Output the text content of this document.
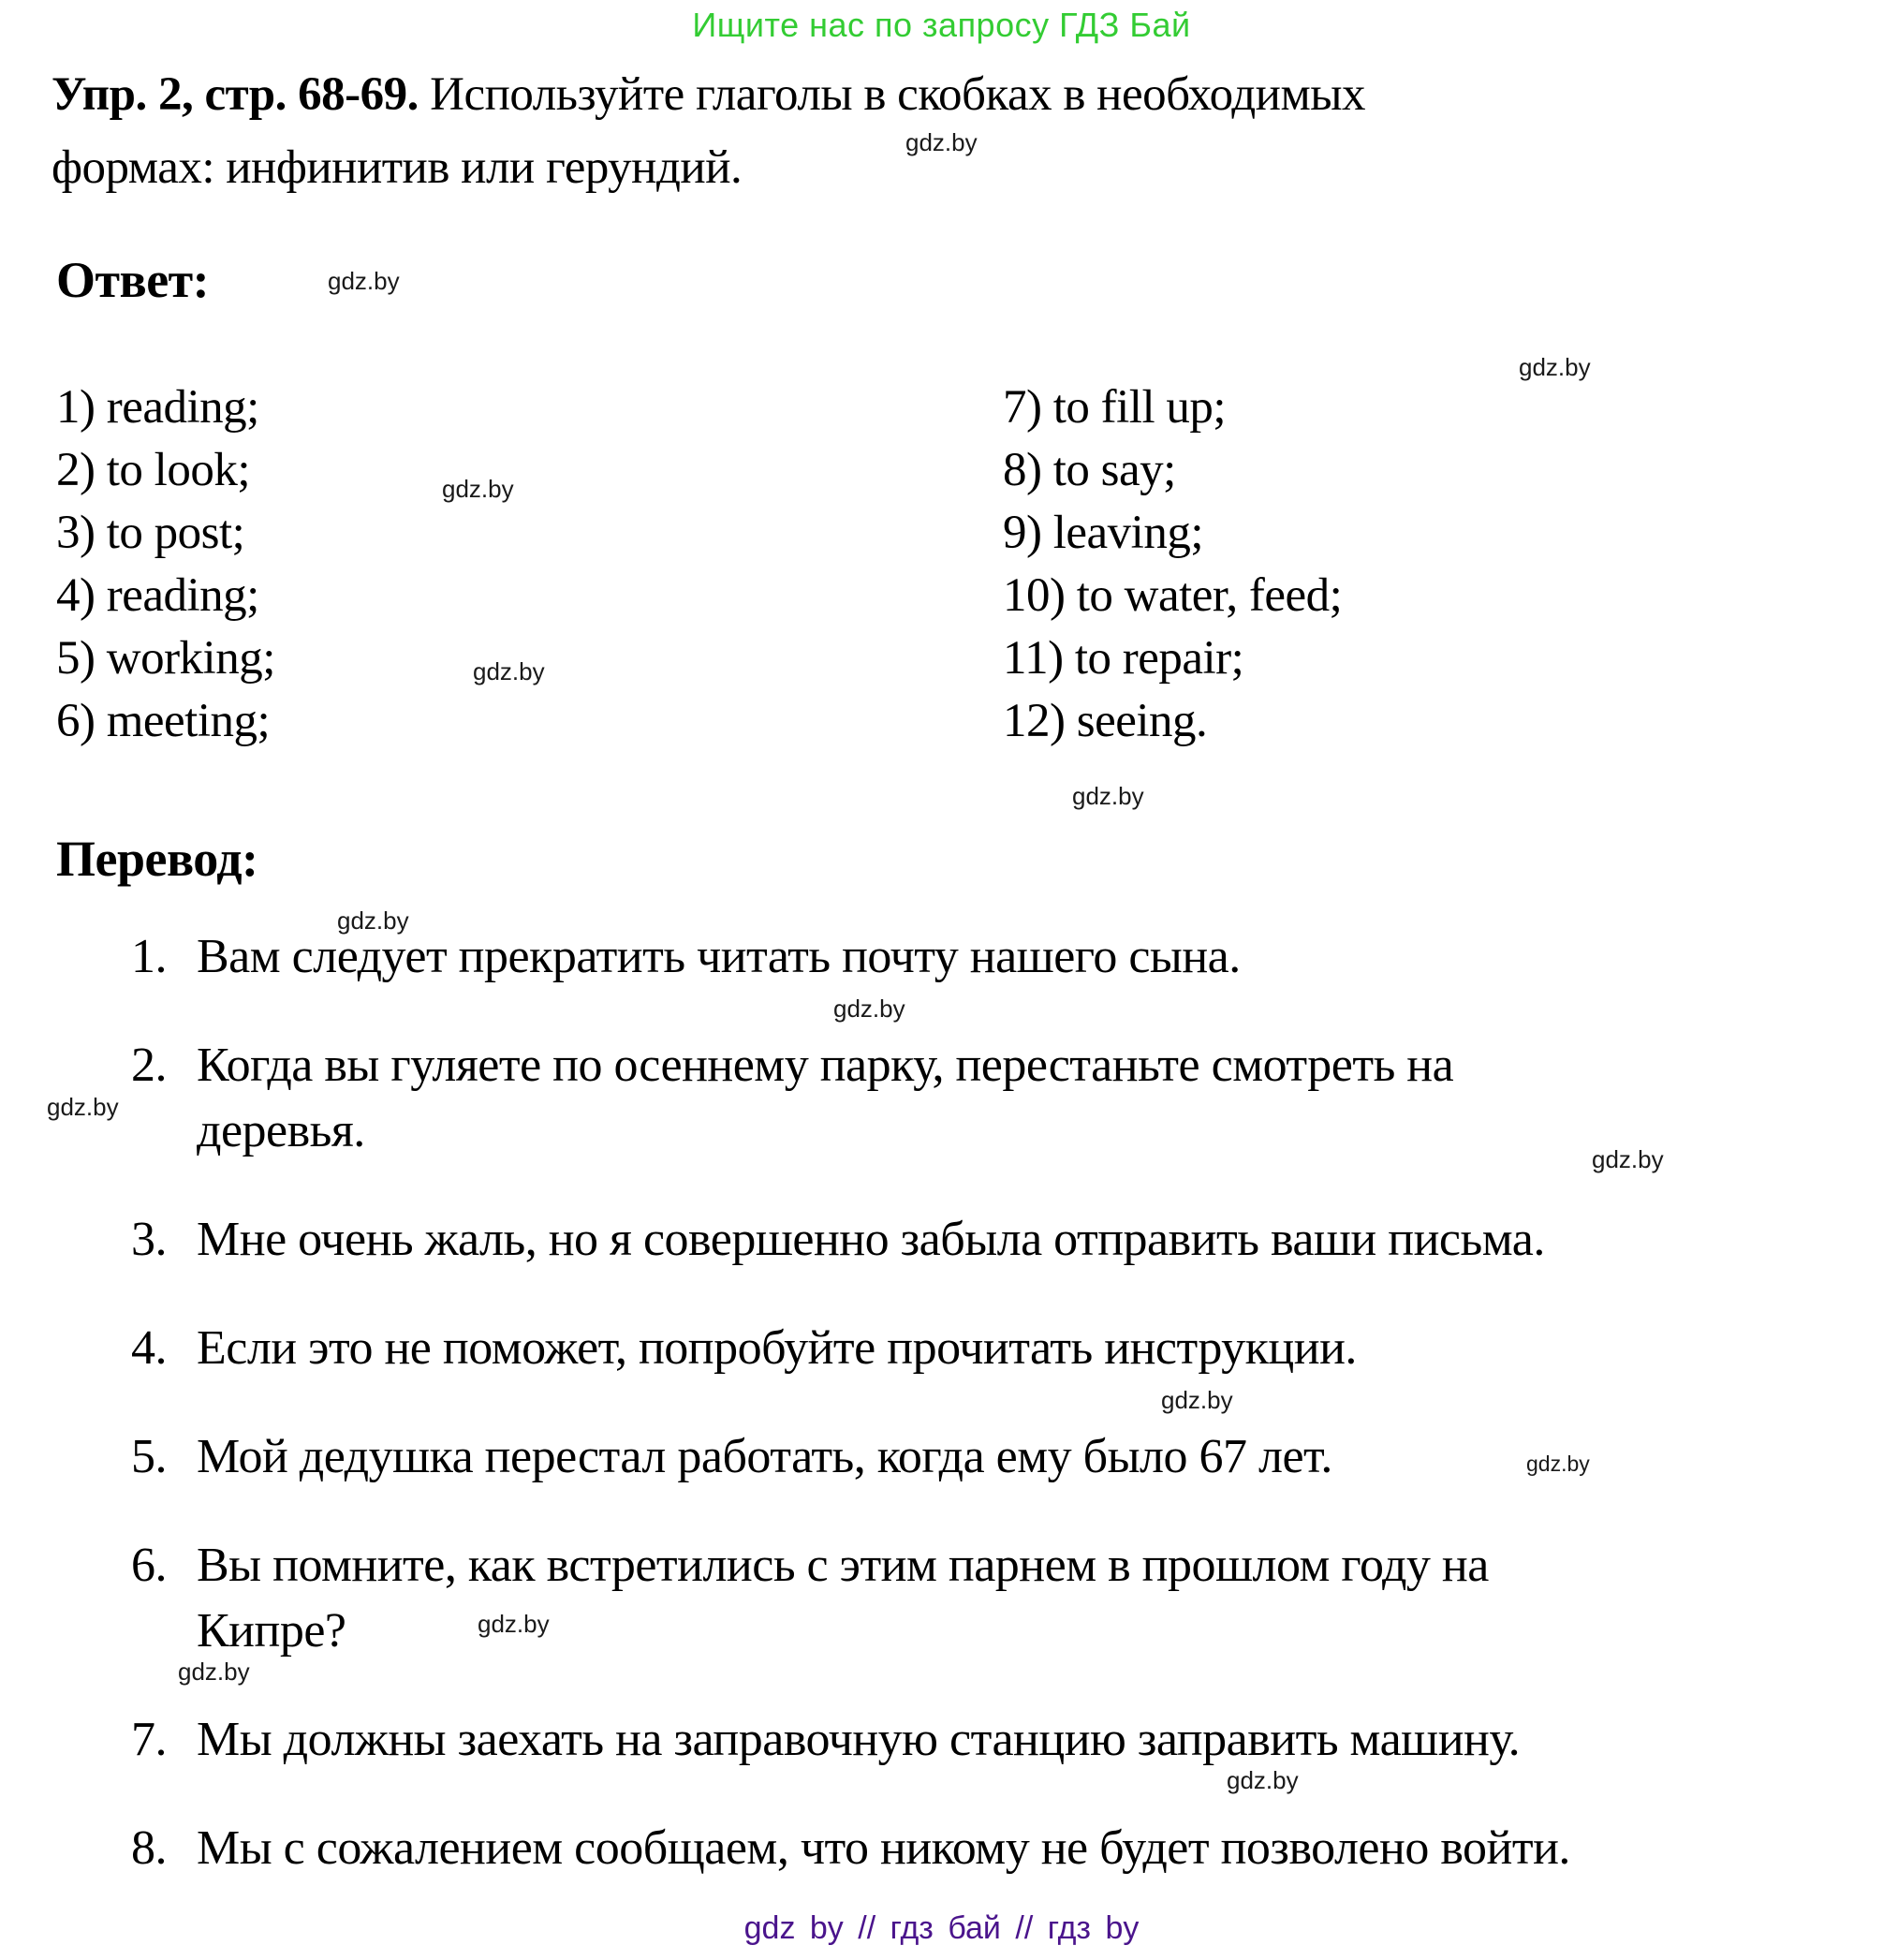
Ищите нас по запросу ГДЗ Бай
Упр. 2, стр. 68-69. Используйте глаголы в скобках в необходимых
формах: инфинитив или герундий.
Ответ:
1) reading;
2) to look;
3) to post;
4) reading;
5) working;
6) meeting;
7) to fill up;
8) to say;
9) leaving;
10) to water, feed;
11) to repair;
12) seeing.
Перевод:
1. Вам следует прекратить читать почту нашего сына.
2. Когда вы гуляете по осеннему парку, перестаньте смотреть на
деревья.
3. Мне очень жаль, но я совершенно забыла отправить ваши письма.
4. Если это не поможет, попробуйте прочитать инструкции.
5. Мой дедушка перестал работать, когда ему было 67 лет.
6. Вы помните, как встретились с этим парнем в прошлом году на
Кипре?
7. Мы должны заехать на заправочную станцию заправить машину.
8. Мы с сожалением сообщаем, что никому не будет позволено войти.
gdz.by
gdz.by
gdz.by
gdz.by
gdz.by
gdz.by
gdz.by
gdz.by
gdz.by
gdz.by
gdz.by
gdz.by
gdz.by
gdz.by
gdz.by
gdz by // гдз бай // гдз by
